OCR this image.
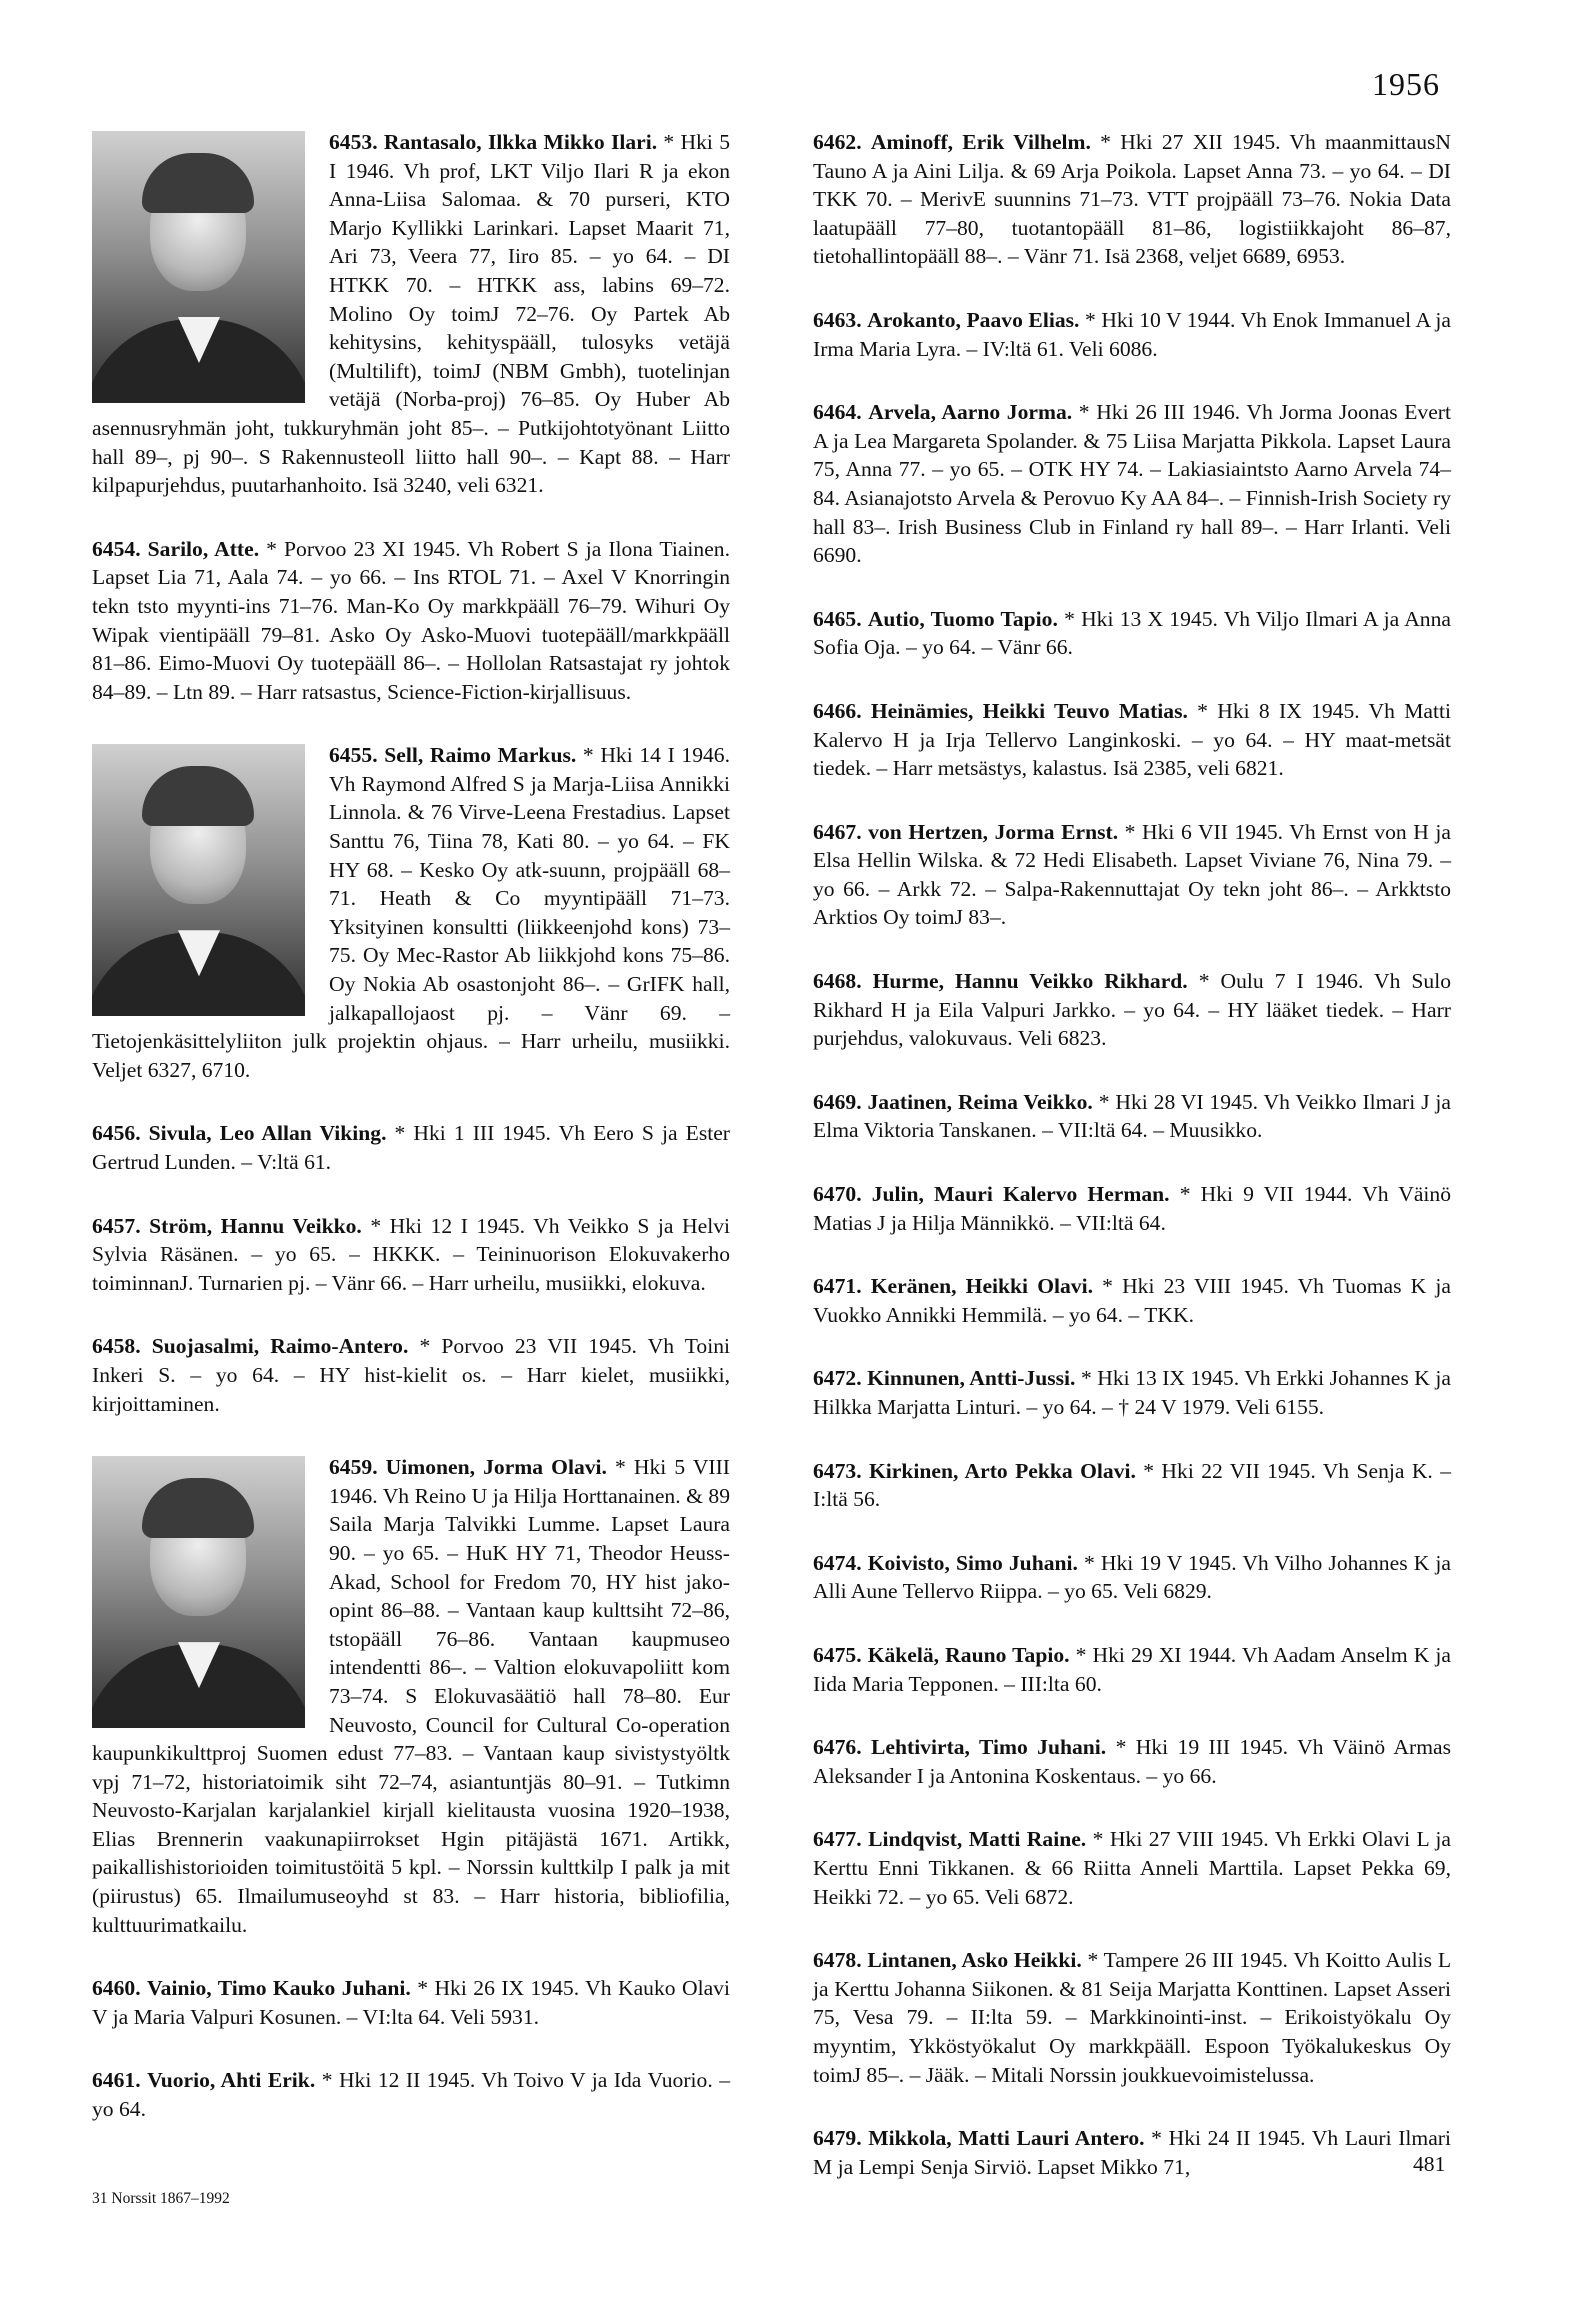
1956

6453. Rantasalo, Ilkka Mikko Ilari. * Hki 5 I 1946. Vh prof, LKT Viljo Ilari R ja ekon Anna-Liisa Salomaa. & 70 purseri, KTO Marjo Kyllikki Larinkari. Lapset Maarit 71, Ari 73, Veera 77, Iiro 85. – yo 64. – DI HTKK 70. – HTKK ass, labins 69–72. Molino Oy toimJ 72–76. Oy Partek Ab kehitysins, kehityspääll, tulosyks vetäjä (Multilift), toimJ (NBM Gmbh), tuotelinjan vetäjä (Norba-proj) 76–85. Oy Huber Ab asennusryhmän joht, tukkuryhmän joht 85–. – Putkijohtotyönant Liitto hall 89–, pj 90–. S Rakennusteoll liitto hall 90–. – Kapt 88. – Harr kilpapurjehdus, puutarhanhoito. Isä 3240, veli 6321.

6454. Sarilo, Atte. * Porvoo 23 XI 1945. Vh Robert S ja Ilona Tiainen. Lapset Lia 71, Aala 74. – yo 66. – Ins RTOL 71. – Axel V Knorringin tekn tsto myynti-ins 71–76. Man-Ko Oy markkpääll 76–79. Wihuri Oy Wipak vientipääll 79–81. Asko Oy Asko-Muovi tuotepääll/markkpääll 81–86. Eimo-Muovi Oy tuotepääll 86–. – Hollolan Ratsastajat ry johtok 84–89. – Ltn 89. – Harr ratsastus, Science-Fiction-kirjallisuus.

6455. Sell, Raimo Markus.
* Hki 14 I 1946. Vh Raymond Alfred S ja Marja-Liisa Annikki Linnola. & 76 Virve-Leena Frestadius. Lapset Santtu 76, Tiina 78, Kati 80. – yo 64. – FK HY 68. – Kesko Oy atk-suunn, projpääll 68–71. Heath & Co myyntipääll 71–73. Yksityinen konsultti (liikkeenjohd kons) 73–75. Oy Mec-Rastor Ab liikkjohd kons 75–86. Oy Nokia Ab osastonjoht 86–. – GrIFK hall, jalkapallojaost pj. – Vänr 69. – Tietojenkäsittelyliiton julk projektin ohjaus. – Harr urheilu, musiikki. Veljet 6327, 6710.

6456. Sivula, Leo Allan Viking. * Hki 1 III 1945. Vh Eero S ja Ester Gertrud Lunden. – V:ltä 61.

6457. Ström, Hannu Veikko. * Hki 12 I 1945. Vh Veikko S ja Helvi Sylvia Räsänen. – yo 65. – HKKK. – Teininuorison Elokuvakerho toiminnanJ. Turnarien pj. – Vänr 66. – Harr urheilu, musiikki, elokuva.

6458. Suojasalmi, Raimo-Antero. * Porvoo 23 VII 1945. Vh Toini Inkeri S. – yo 64. – HY hist-kielit os. – Harr kielet, musiikki, kirjoittaminen.

6459. Uimonen, Jorma Olavi.
* Hki 5 VIII 1946. Vh Reino U ja Hilja Horttanainen. & 89 Saila Marja Talvikki Lumme. Lapset Laura 90. – yo 65. – HuK HY 71, Theodor Heuss-Akad, School for Fredom 70, HY hist jako-opint 86–88. – Vantaan kaup kulttsiht 72–86, tstopääll 76–86. Vantaan kaupmuseo intendentti 86–. – Valtion elokuvapoliitt kom 73–74. S Elokuvasäätiö hall 78–80. Eur Neuvosto, Council for Cultural Co-operation kaupunkikulttproj Suomen edust 77–83. – Vantaan kaup sivistystyöltk vpj 71–72, historiatoimik siht 72–74, asiantuntjäs 80–91. – Tutkimn Neuvosto-Karjalan karjalankiel kirjall kielitausta vuosina 1920–1938, Elias Brennerin vaakunapiirrokset Hgin pitäjästä 1671. Artikk, paikallishistorioiden toimitustöitä 5 kpl. – Norssin kulttkilp I palk ja mit (piirustus) 65. Ilmailumuseoyhd st 83. – Harr historia, bibliofilia, kulttuurimatkailu.

6460. Vainio, Timo Kauko Juhani. * Hki 26 IX 1945. Vh Kauko Olavi V ja Maria Valpuri Kosunen. – VI:lta 64. Veli 5931.

6461. Vuorio, Ahti Erik. * Hki 12 II 1945. Vh Toivo V ja Ida Vuorio. – yo 64.

6462. Aminoff, Erik Vilhelm. * Hki 27 XII 1945. Vh maanmittausN Tauno A ja Aini Lilja. & 69 Arja Poikola. Lapset Anna 73. – yo 64. – DI TKK 70. – MerivE suunnins 71–73. VTT projpääll 73–76. Nokia Data laatupääll 77–80, tuotantopääll 81–86, logistiikkajoht 86–87, tietohallintopääll 88–. – Vänr 71. Isä 2368, veljet 6689, 6953.

6463. Arokanto, Paavo Elias. * Hki 10 V 1944. Vh Enok Immanuel A ja Irma Maria Lyra. – IV:ltä 61. Veli 6086.

6464. Arvela, Aarno Jorma. * Hki 26 III 1946. Vh Jorma Joonas Evert A ja Lea Margareta Spolander. & 75 Liisa Marjatta Pikkola. Lapset Laura 75, Anna 77. – yo 65. – OTK HY 74. – Lakiasiaintsto Aarno Arvela 74–84. Asianajotsto Arvela & Perovuo Ky AA 84–. – Finnish-Irish Society ry hall 83–. Irish Business Club in Finland ry hall 89–. – Harr Irlanti. Veli 6690.

6465. Autio, Tuomo Tapio. * Hki 13 X 1945. Vh Viljo Ilmari A ja Anna Sofia Oja. – yo 64. – Vänr 66.

6466. Heinämies, Heikki Teuvo Matias. * Hki 8 IX 1945. Vh Matti Kalervo H ja Irja Tellervo Langinkoski. – yo 64. – HY maat-metsät tiedek. – Harr metsästys, kalastus. Isä 2385, veli 6821.

6467. von Hertzen, Jorma Ernst. * Hki 6 VII 1945. Vh Ernst von H ja Elsa Hellin Wilska. & 72 Hedi Elisabeth. Lapset Viviane 76, Nina 79. – yo 66. – Arkk 72. – Salpa-Rakennuttajat Oy tekn joht 86–. – Arkktsto Arktios Oy toimJ 83–.

6468. Hurme, Hannu Veikko Rikhard. * Oulu 7 I 1946. Vh Sulo Rikhard H ja Eila Valpuri Jarkko. – yo 64. – HY lääket tiedek. – Harr purjehdus, valokuvaus. Veli 6823.

6469. Jaatinen, Reima Veikko. * Hki 28 VI 1945. Vh Veikko Ilmari J ja Elma Viktoria Tanskanen. – VII:ltä 64. – Muusikko.

6470. Julin, Mauri Kalervo Herman. * Hki 9 VII 1944. Vh Väinö Matias J ja Hilja Männikkö. – VII:ltä 64.

6471. Keränen, Heikki Olavi. * Hki 23 VIII 1945. Vh Tuomas K ja Vuokko Annikki Hemmilä. – yo 64. – TKK.

6472. Kinnunen, Antti-Jussi. * Hki 13 IX 1945. Vh Erkki Johannes K ja Hilkka Marjatta Linturi. – yo 64. – † 24 V 1979. Veli 6155.

6473. Kirkinen, Arto Pekka Olavi. * Hki 22 VII 1945. Vh Senja K. – I:ltä 56.

6474. Koivisto, Simo Juhani. * Hki 19 V 1945. Vh Vilho Johannes K ja Alli Aune Tellervo Riippa. – yo 65. Veli 6829.

6475. Käkelä, Rauno Tapio. * Hki 29 XI 1944. Vh Aadam Anselm K ja Iida Maria Tepponen. – III:lta 60.

6476. Lehtivirta, Timo Juhani. * Hki 19 III 1945. Vh Väinö Armas Aleksander I ja Antonina Koskentaus. – yo 66.

6477. Lindqvist, Matti Raine. * Hki 27 VIII 1945. Vh Erkki Olavi L ja Kerttu Enni Tikkanen. & 66 Riitta Anneli Marttila. Lapset Pekka 69, Heikki 72. – yo 65. Veli 6872.

6478. Lintanen, Asko Heikki. * Tampere 26 III 1945. Vh Koitto Aulis L ja Kerttu Johanna Siikonen. & 81 Seija Marjatta Konttinen. Lapset Asseri 75, Vesa 79. – II:lta 59. – Markkinointi-inst. – Erikoistyökalu Oy myyntim, Ykköstyökalut Oy markkpääll. Espoon Työkalukeskus Oy toimJ 85–. – Jääk. – Mitali Norssin joukkuevoimistelussa.

6479. Mikkola, Matti Lauri Antero. * Hki 24 II 1945. Vh Lauri Ilmari M ja Lempi Senja Sirviö. Lapset Mikko 71,

31 Norssit 1867–1992
481
